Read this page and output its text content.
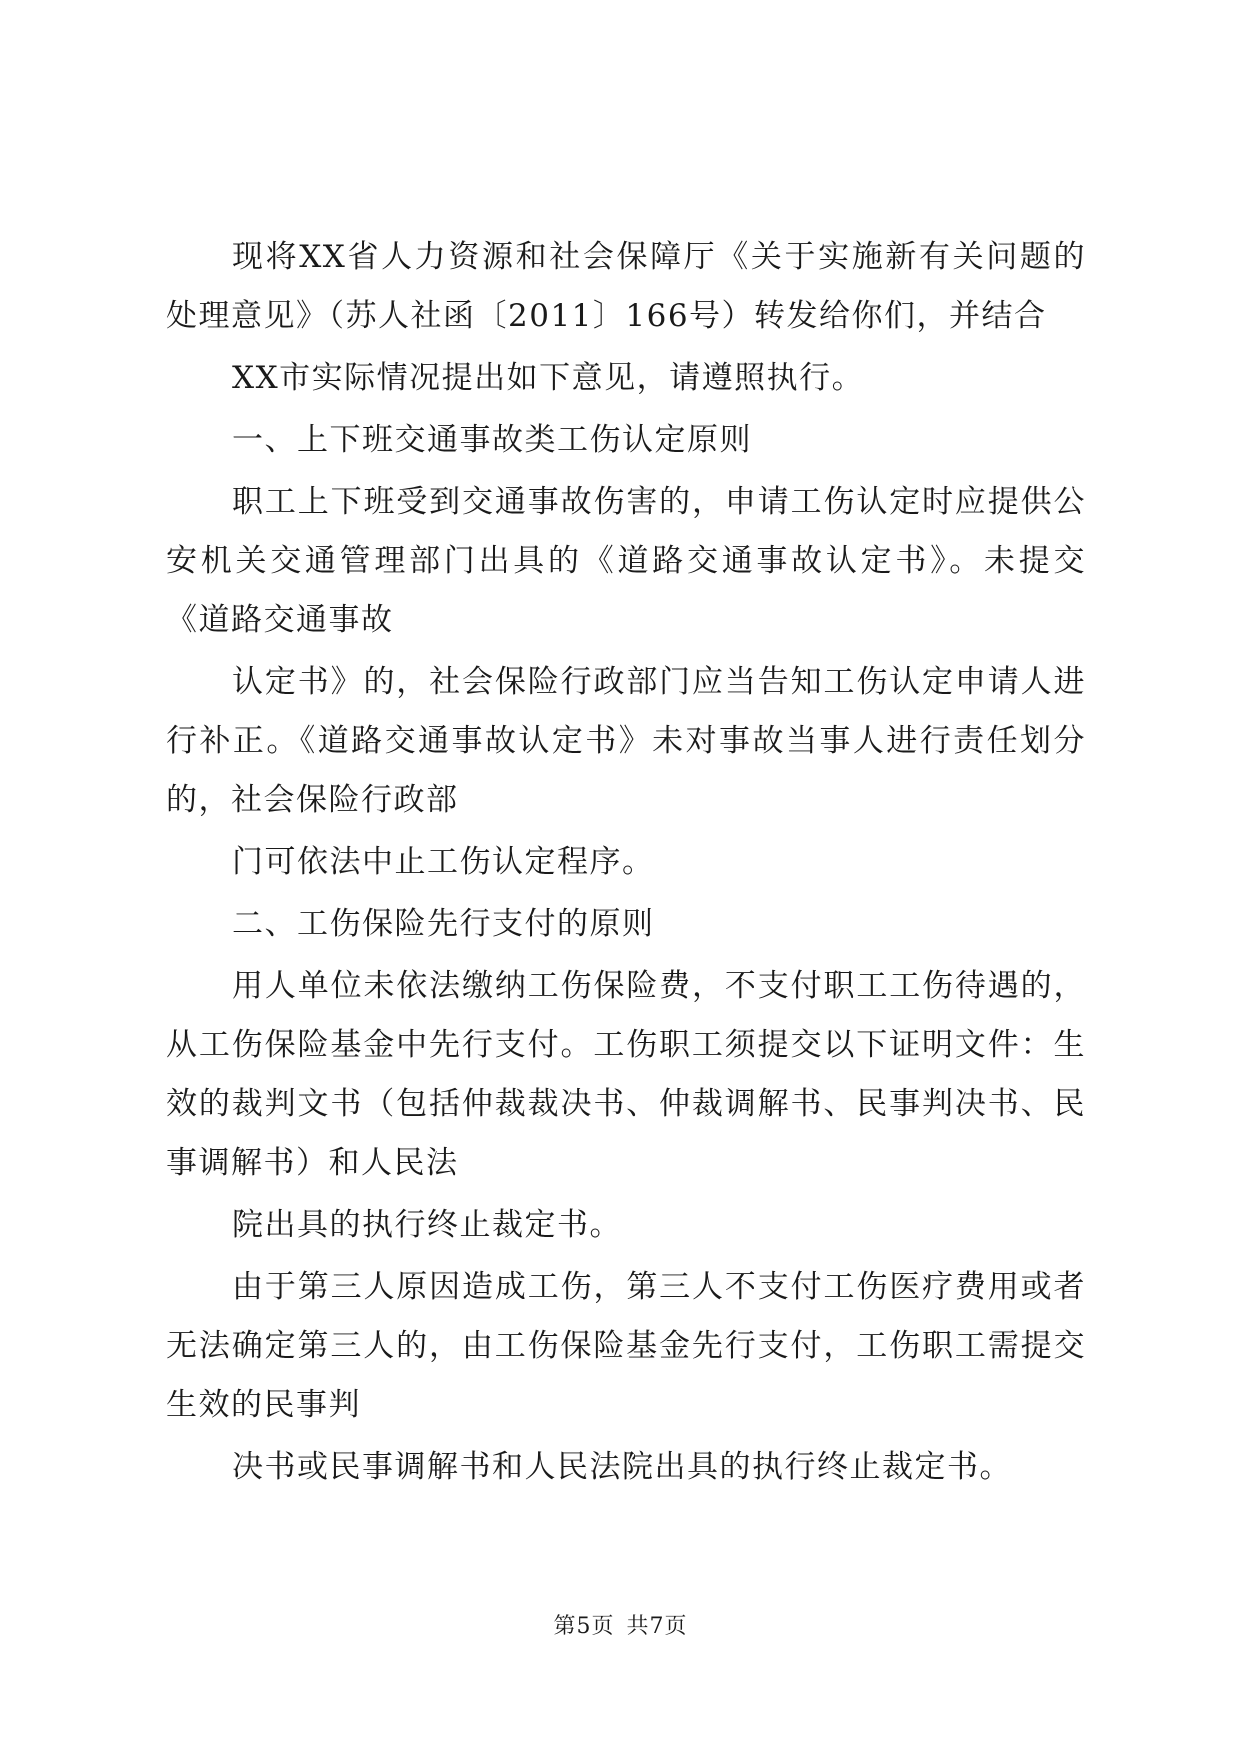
现将XX省人力资源和社会保障厅《关于实施新有关问题的处理意见》（苏人社函〔2011〕166号）转发给你们，并结合

XX市实际情况提出如下意见，请遵照执行。

一、上下班交通事故类工伤认定原则

职工上下班受到交通事故伤害的，申请工伤认定时应提供公安机关交通管理部门出具的《道路交通事故认定书》。未提交《道路交通事故

认定书》的，社会保险行政部门应当告知工伤认定申请人进行补正。《道路交通事故认定书》未对事故当事人进行责任划分的，社会保险行政部

门可依法中止工伤认定程序。

二、工伤保险先行支付的原则

用人单位未依法缴纳工伤保险费，不支付职工工伤待遇的，从工伤保险基金中先行支付。工伤职工须提交以下证明文件：生效的裁判文书（包括仲裁裁决书、仲裁调解书、民事判决书、民事调解书）和人民法

院出具的执行终止裁定书。

由于第三人原因造成工伤，第三人不支付工伤医疗费用或者无法确定第三人的，由工伤保险基金先行支付，工伤职工需提交生效的民事判

决书或民事调解书和人民法院出具的执行终止裁定书。

第5页 共7页
